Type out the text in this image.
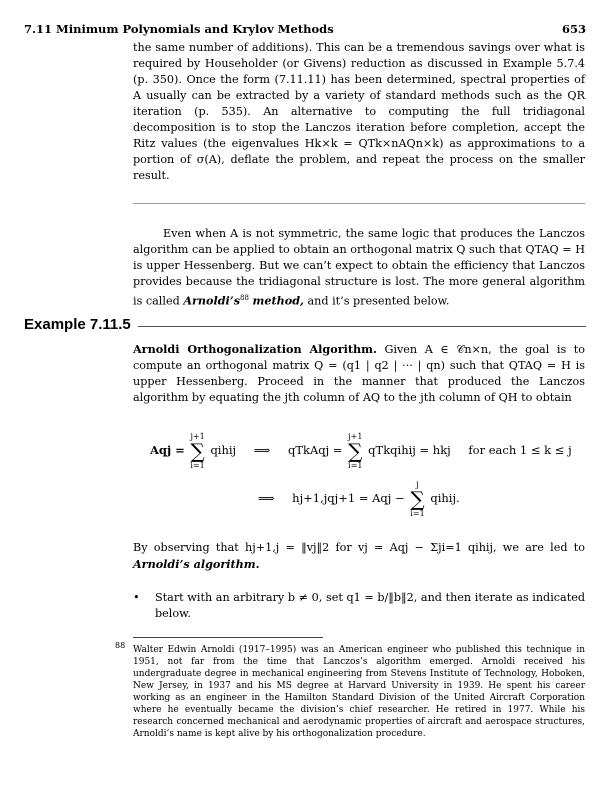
7.11 Minimum Polynomials and Krylov Methods	653
the same number of additions). This can be a tremendous savings over what is required by Householder (or Givens) reduction as discussed in Example 5.7.4 (p. 350). Once the form (7.11.11) has been determined, spectral properties of A usually can be extracted by a variety of standard methods such as the QR iteration (p. 535). An alternative to computing the full tridiagonal decomposition is to stop the Lanczos iteration before completion, accept the Ritz values (the eigenvalues Hk×k = QTk×nAQn×k) as approximations to a portion of σ(A), deflate the problem, and repeat the process on the smaller result.
Even when A is not symmetric, the same logic that produces the Lanczos algorithm can be applied to obtain an orthogonal matrix Q such that QTAQ = H is upper Hessenberg. But we can’t expect to obtain the efficiency that Lanczos provides because the tridiagonal structure is lost. The more general algorithm is called $Arnoldi’s^{88}$ method, and it’s presented below.
Example 7.11.5
Arnoldi Orthogonalization Algorithm. Given A ∈ 𝒞n×n, the goal is to compute an orthogonal matrix Q = (q1 | q2 | ··· | qn) such that QTAQ = H is upper Hessenberg. Proceed in the manner that produced the Lanczos algorithm by equating the jth column of AQ to the jth column of QH to obtain
Aqj =
j+1
∑
i=1
qihij ⟹ qTkAqj =
j+1
∑
i=1
qTkqihij = hkj for each 1 ≤ k ≤ j
⟹ hj+1,jqj+1 = Aqj −
j
∑
i=1
qihij.
By observing that hj+1,j = ‖vj‖2 for vj = Aqj − Σji=1 qihij, we are led to Arnoldi’s algorithm.
• Start with an arbitrary b ≠ 0, set q1 = b/‖b‖2, and then iterate as indicated below.
88 Walter Edwin Arnoldi (1917–1995) was an American engineer who published this technique in 1951, not far from the time that Lanczos’s algorithm emerged. Arnoldi received his undergraduate degree in mechanical engineering from Stevens Institute of Technology, Hoboken, New Jersey, in 1937 and his MS degree at Harvard University in 1939. He spent his career working as an engineer in the Hamilton Standard Division of the United Aircraft Corporation where he eventually became the division’s chief researcher. He retired in 1977. While his research concerned mechanical and aerodynamic properties of aircraft and aerospace structures, Arnoldi’s name is kept alive by his orthogonalization procedure.
